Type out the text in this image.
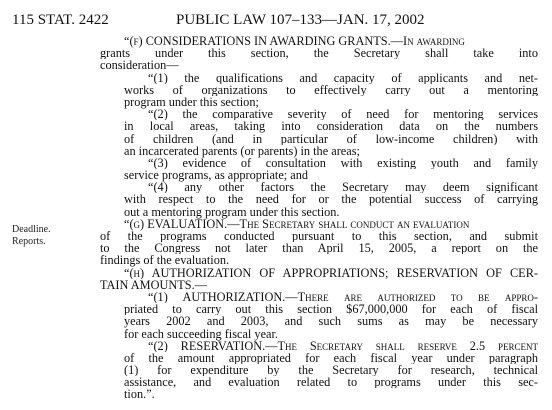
115 STAT. 2422	PUBLIC LAW 107–133—JAN. 17, 2002
Deadline.
Reports.
“(f) CONSIDERATIONS IN AWARDING GRANTS.—In awarding
grants under this section, the Secretary shall take into
consideration—
“(1) the qualifications and capacity of applicants and net-
works of organizations to effectively carry out a mentoring
program under this section;
“(2) the comparative severity of need for mentoring services
in local areas, taking into consideration data on the numbers
of children (and in particular of low-income children) with
an incarcerated parents (or parents) in the areas;
“(3) evidence of consultation with existing youth and family
service programs, as appropriate; and
“(4) any other factors the Secretary may deem significant
with respect to the need for or the potential success of carrying
out a mentoring program under this section.
“(g) EVALUATION.—The Secretary shall conduct an evaluation
of the programs conducted pursuant to this section, and submit
to the Congress not later than April 15, 2005, a report on the
findings of the evaluation.
“(h) AUTHORIZATION OF APPROPRIATIONS; RESERVATION OF CER-
TAIN AMOUNTS.—
“(1) AUTHORIZATION.—There are authorized to be appro-
priated to carry out this section $67,000,000 for each of fiscal
years 2002 and 2003, and such sums as may be necessary
for each succeeding fiscal year.
“(2) RESERVATION.—The Secretary shall reserve 2.5 percent
of the amount appropriated for each fiscal year under paragraph
(1) for expenditure by the Secretary for research, technical
assistance, and evaluation related to programs under this sec-
tion.”.
